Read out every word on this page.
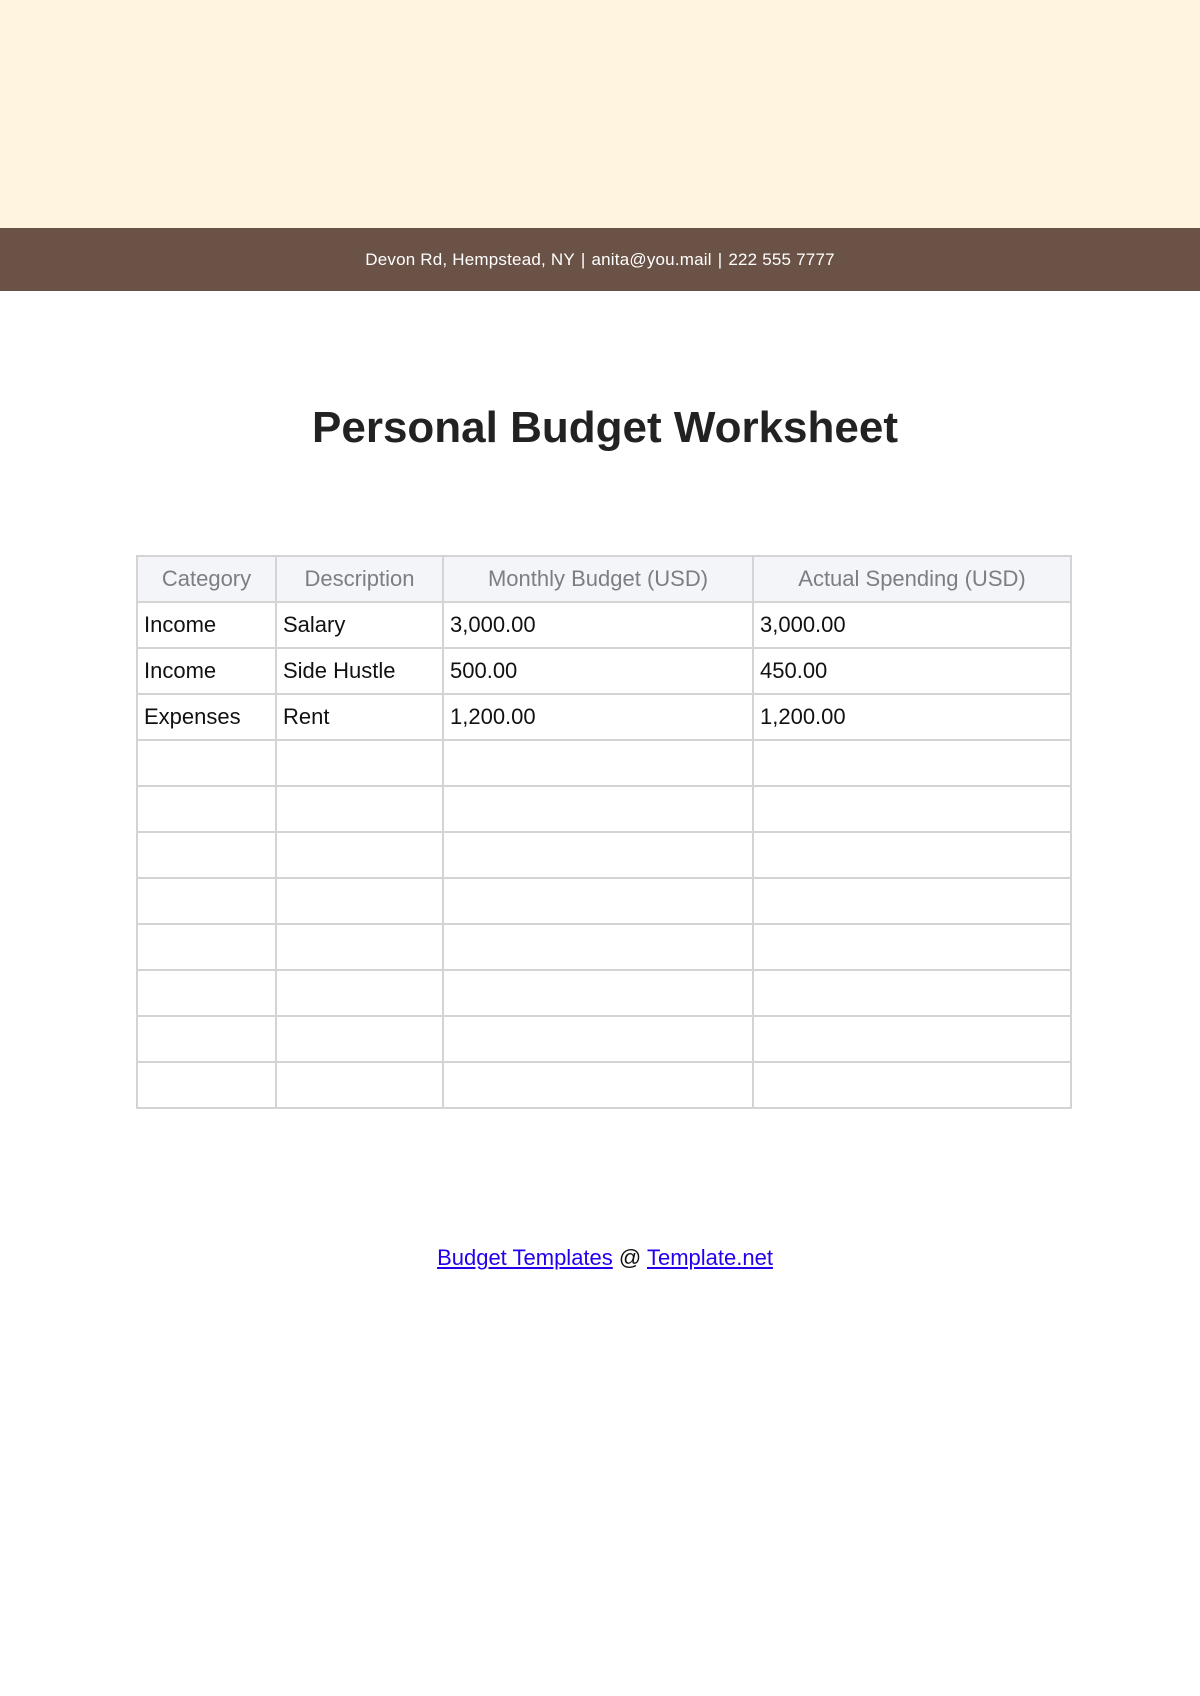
Devon Rd, Hempstead, NY | anita@you.mail | 222 555 7777
Personal Budget Worksheet
Category	Description	Monthly Budget (USD)	Actual Spending (USD)
Income	Salary	3,000.00	3,000.00
Income	Side Hustle	500.00	450.00
Expenses	Rent	1,200.00	1,200.00

Budget Templates @ Template.net
